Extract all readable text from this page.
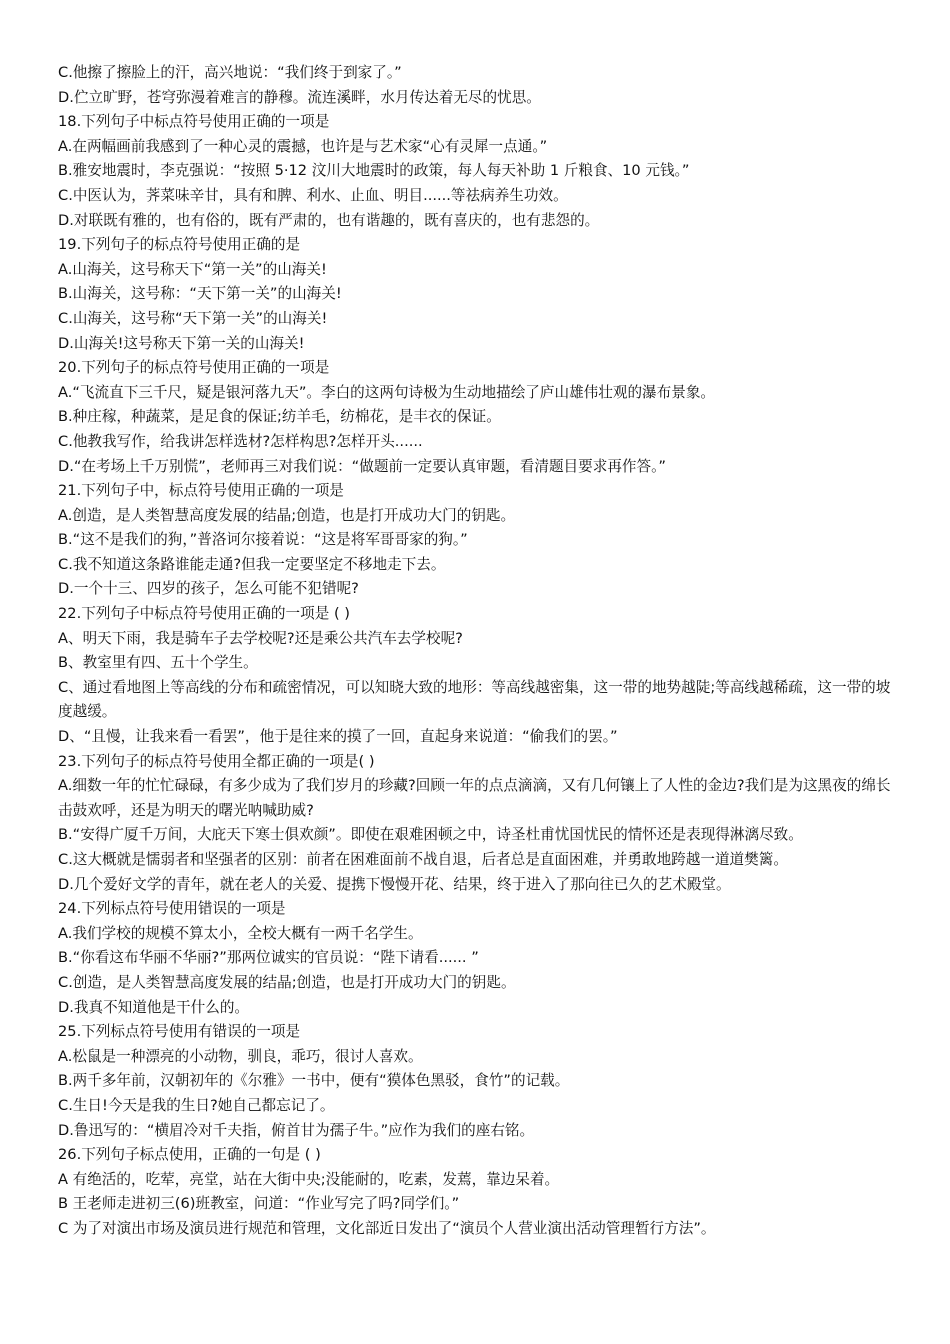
C.他擦了擦脸上的汗，高兴地说：“我们终于到家了。”
D.伫立旷野，苍穹弥漫着难言的静穆。流连溪畔，水月传达着无尽的忧思。
18.下列句子中标点符号使用正确的一项是
A.在两幅画前我感到了一种心灵的震撼，也许是与艺术家“心有灵犀一点通。”
B.雅安地震时，李克强说：“按照 5·12 汶川大地震时的政策，每人每天补助 1 斤粮食、10 元钱。”
C.中医认为，荠菜味辛甘，具有和脾、利水、止血、明目......等祛病养生功效。
D.对联既有雅的，也有俗的，既有严肃的，也有谐趣的，既有喜庆的，也有悲怨的。
19.下列句子的标点符号使用正确的是
A.山海关，这号称天下“第一关”的山海关!
B.山海关，这号称：“天下第一关”的山海关!
C.山海关，这号称“天下第一关”的山海关!
D.山海关!这号称天下第一关的山海关!
20.下列句子的标点符号使用正确的一项是
A.“飞流直下三千尺，疑是银河落九天”。李白的这两句诗极为生动地描绘了庐山雄伟壮观的瀑布景象。
B.种庄稼，种蔬菜，是足食的保证;纺羊毛，纺棉花，是丰衣的保证。
C.他教我写作，给我讲怎样选材?怎样构思?怎样开头......
D.“在考场上千万别慌”，老师再三对我们说：“做题前一定要认真审题，看清题目要求再作答。”
21.下列句子中，标点符号使用正确的一项是
A.创造，是人类智慧高度发展的结晶;创造，也是打开成功大门的钥匙。
B.“这不是我们的狗，”普洛诃尔接着说：“这是将军哥哥家的狗。”
C.我不知道这条路谁能走通?但我一定要坚定不移地走下去。
D.一个十三、四岁的孩子，怎么可能不犯错呢?
22.下列句子中标点符号使用正确的一项是 ( )
A、明天下雨，我是骑车子去学校呢?还是乘公共汽车去学校呢?
B、教室里有四、五十个学生。
C、通过看地图上等高线的分布和疏密情况，可以知晓大致的地形：等高线越密集，这一带的地势越陡;等高线越稀疏，这一带的坡度越缓。
D、“且慢，让我来看一看罢”，他于是往来的摸了一回，直起身来说道：“偷我们的罢。”
23.下列句子的标点符号使用全都正确的一项是( )
A.细数一年的忙忙碌碌，有多少成为了我们岁月的珍藏?回顾一年的点点滴滴，又有几何镶上了人性的金边?我们是为这黑夜的绵长击鼓欢呼，还是为明天的曙光呐喊助威?
B.“安得广厦千万间，大庇天下寒士俱欢颜”。即使在艰难困顿之中，诗圣杜甫忧国忧民的情怀还是表现得淋漓尽致。
C.这大概就是懦弱者和坚强者的区别：前者在困难面前不战自退，后者总是直面困难，并勇敢地跨越一道道樊篱。
D.几个爱好文学的青年，就在老人的关爱、提携下慢慢开花、结果，终于进入了那向往已久的艺术殿堂。
24.下列标点符号使用错误的一项是
A.我们学校的规模不算太小，全校大概有一两千名学生。
B.“你看这布华丽不华丽?”那两位诚实的官员说：“陛下请看...... ”
C.创造，是人类智慧高度发展的结晶;创造，也是打开成功大门的钥匙。
D.我真不知道他是干什么的。
25.下列标点符号使用有错误的一项是
A.松鼠是一种漂亮的小动物，驯良，乖巧，很讨人喜欢。
B.两千多年前，汉朝初年的《尔雅》一书中，便有“獏体色黑驳，食竹”的记载。
C.生日!今天是我的生日?她自己都忘记了。
D.鲁迅写的：“横眉冷对千夫指，俯首甘为孺子牛。”应作为我们的座右铭。
26.下列句子标点使用，正确的一句是 ( )
A 有绝活的，吃荤，亮堂，站在大街中央;没能耐的，吃素，发蔫，靠边呆着。
B 王老师走进初三(6)班教室，问道：“作业写完了吗?同学们。”
C 为了对演出市场及演员进行规范和管理，文化部近日发出了“演员个人营业演出活动管理暂行方法”。
